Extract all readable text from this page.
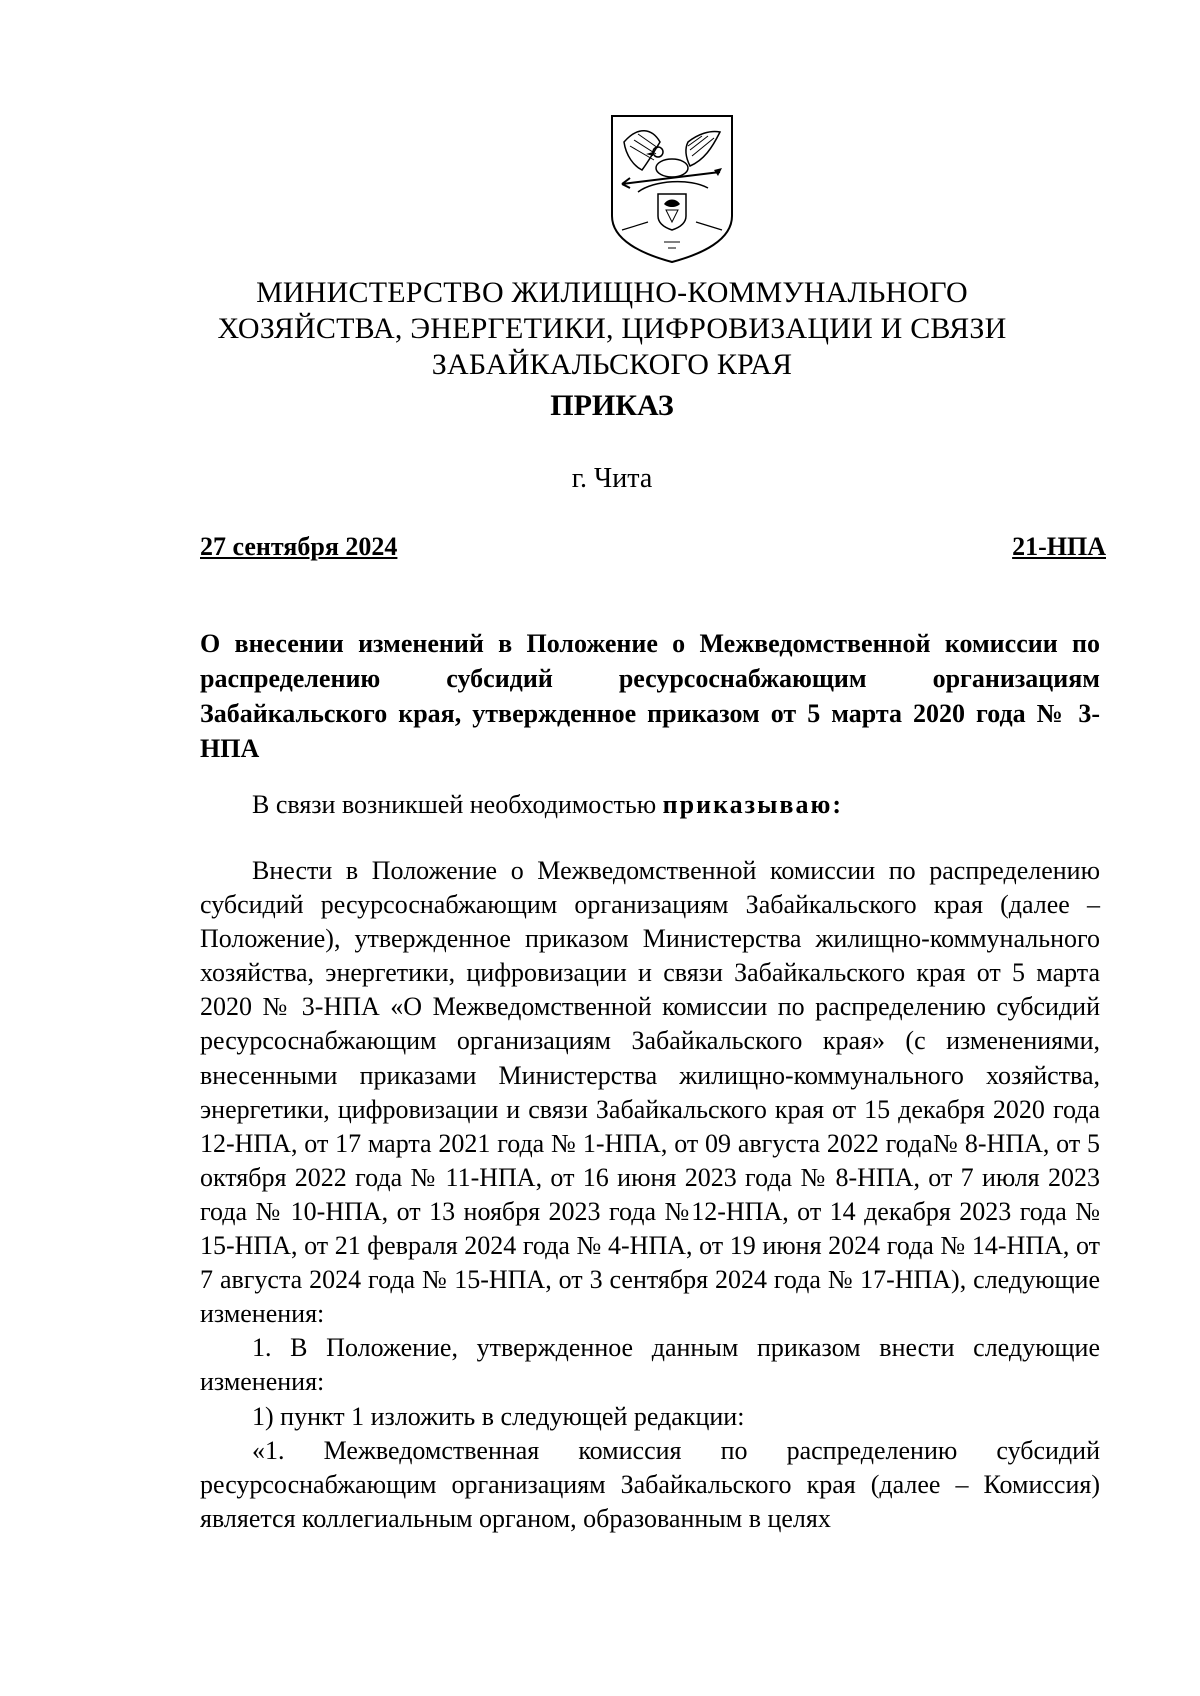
МИНИСТЕРСТВО ЖИЛИЩНО-КОММУНАЛЬНОГО
ХОЗЯЙСТВА, ЭНЕРГЕТИКИ, ЦИФРОВИЗАЦИИ И СВЯЗИ
ЗАБАЙКАЛЬСКОГО КРАЯ
ПРИКАЗ
г. Чита
27 сентября 2024	21-НПА
О внесении изменений в Положение о Межведомственной комиссии по распределению субсидий ресурсоснабжающим организациям Забайкальского края, утвержденное приказом от 5 марта 2020 года № 3-НПА
В связи возникшей необходимостью приказываю:

Внести в Положение о Межведомственной комиссии по распределению субсидий ресурсоснабжающим организациям Забайкальского края (далее – Положение), утвержденное приказом Министерства жилищно-коммунального хозяйства, энергетики, цифровизации и связи Забайкальского края от 5 марта 2020 № 3-НПА «О Межведомственной комиссии по распределению субсидий ресурсоснабжающим организациям Забайкальского края» (с изменениями, внесенными приказами Министерства жилищно-коммунального хозяйства, энергетики, цифровизации и связи Забайкальского края от 15 декабря 2020 года 12-НПА, от 17 марта 2021 года № 1-НПА, от 09 августа 2022 года№ 8-НПА, от 5 октября 2022 года № 11-НПА, от 16 июня 2023 года № 8-НПА, от 7 июля 2023 года № 10-НПА, от 13 ноября 2023 года №12-НПА, от 14 декабря 2023 года № 15-НПА, от 21 февраля 2024 года № 4-НПА, от 19 июня 2024 года № 14-НПА, от 7 августа 2024 года № 15-НПА, от 3 сентября 2024 года № 17-НПА), следующие изменения:

1. В Положение, утвержденное данным приказом внести следующие изменения:

1) пункт 1 изложить в следующей редакции:

«1. Межведомственная комиссия по распределению субсидий ресурсоснабжающим организациям Забайкальского края (далее – Комиссия) является коллегиальным органом, образованным в целях
